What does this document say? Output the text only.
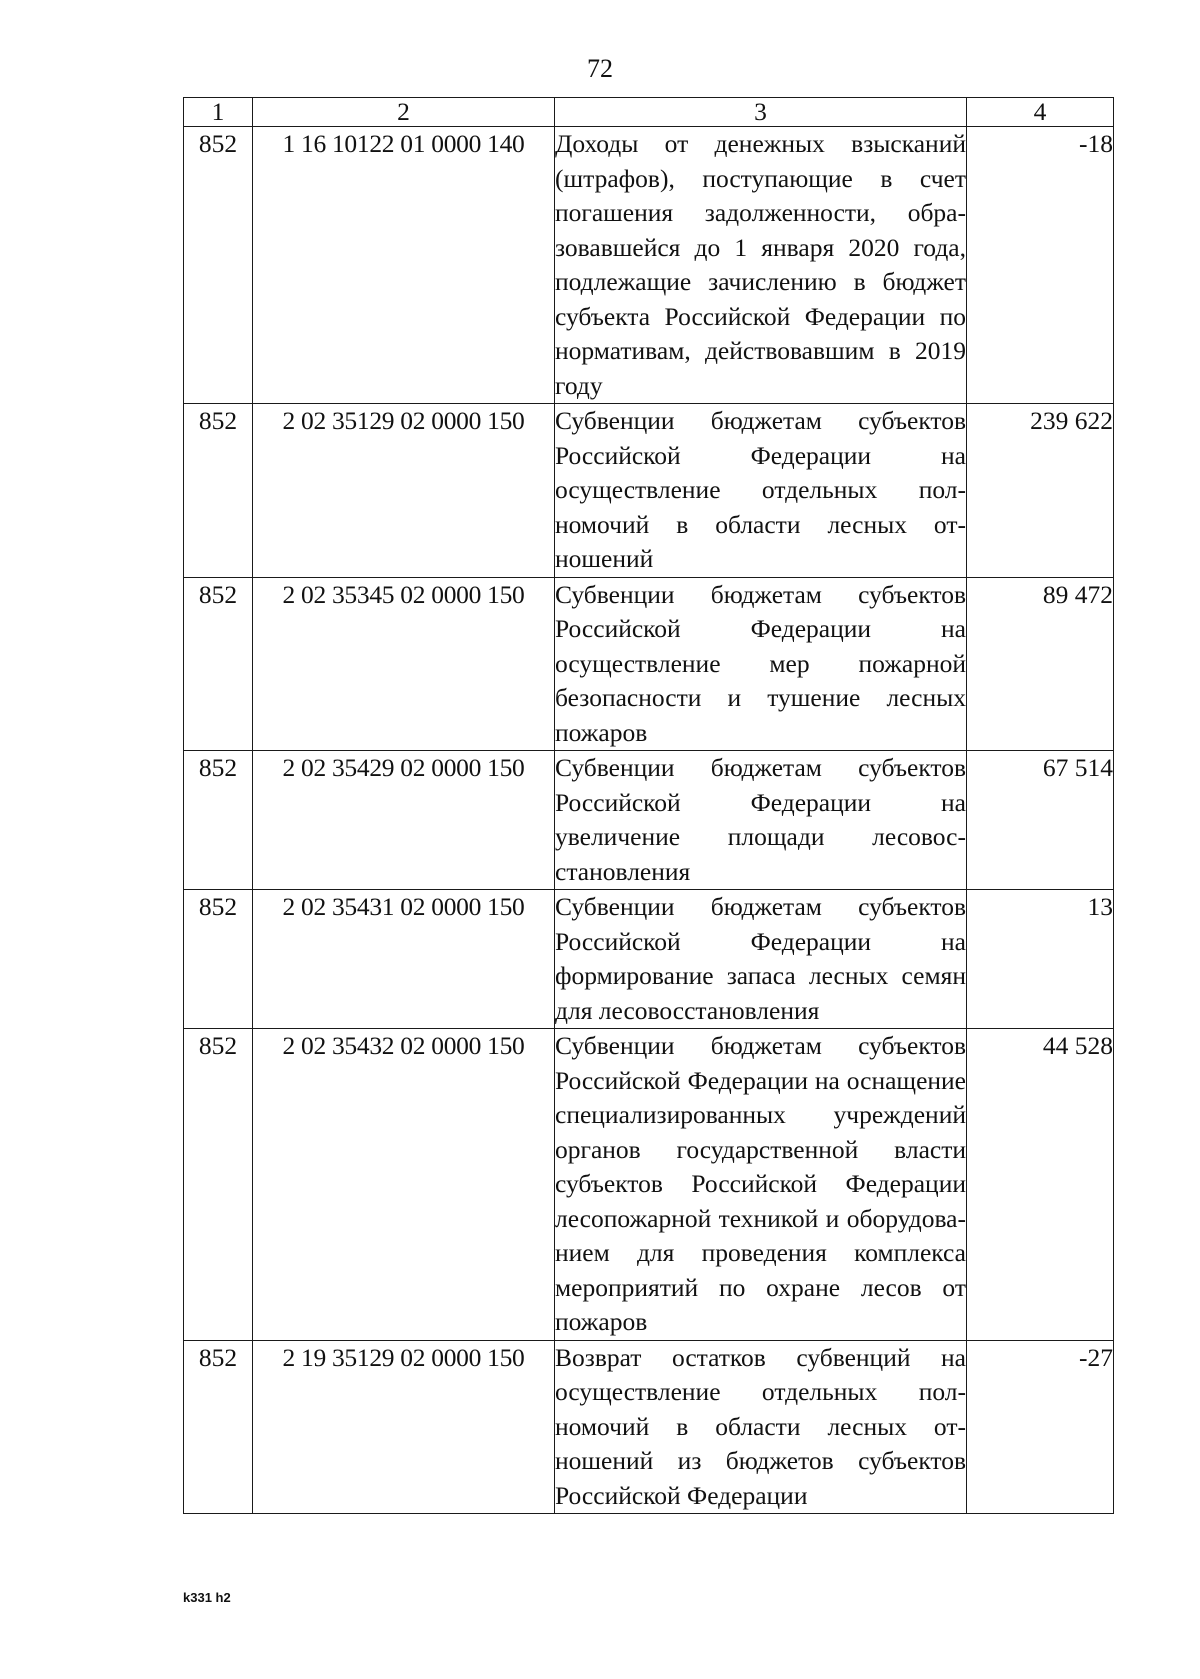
72
1	2	3	4
852	1 16 10122 01 0000 140	Доходы от денежных взысканий (штрафов), поступающие в счет погашения задолженности, образовавшейся до 1 января 2020 года, подлежащие зачислению в бюджет субъекта Российской Федерации по нормативам, действовавшим в 2019 году	-18
852	2 02 35129 02 0000 150	Субвенции бюджетам субъектов Российской Федерации на осуществление отдельных полномочий в области лесных отношений	239 622
852	2 02 35345 02 0000 150	Субвенции бюджетам субъектов Российской Федерации на осуществление мер пожарной безопасности и тушение лесных пожаров	89 472
852	2 02 35429 02 0000 150	Субвенции бюджетам субъектов Российской Федерации на увеличение площади лесовосстановления	67 514
852	2 02 35431 02 0000 150	Субвенции бюджетам субъектов Российской Федерации на формирование запаса лесных семян для лесовосстановления	13
852	2 02 35432 02 0000 150	Субвенции бюджетам субъектов Российской Федерации на оснащение специализированных учреждений органов государственной власти субъектов Российской Федерации лесопожарной техникой и оборудованием для проведения комплекса мероприятий по охране лесов от пожаров	44 528
852	2 19 35129 02 0000 150	Возврат остатков субвенций на осуществление отдельных полномочий в области лесных отношений из бюджетов субъектов Российской Федерации	-27
k331 h2
